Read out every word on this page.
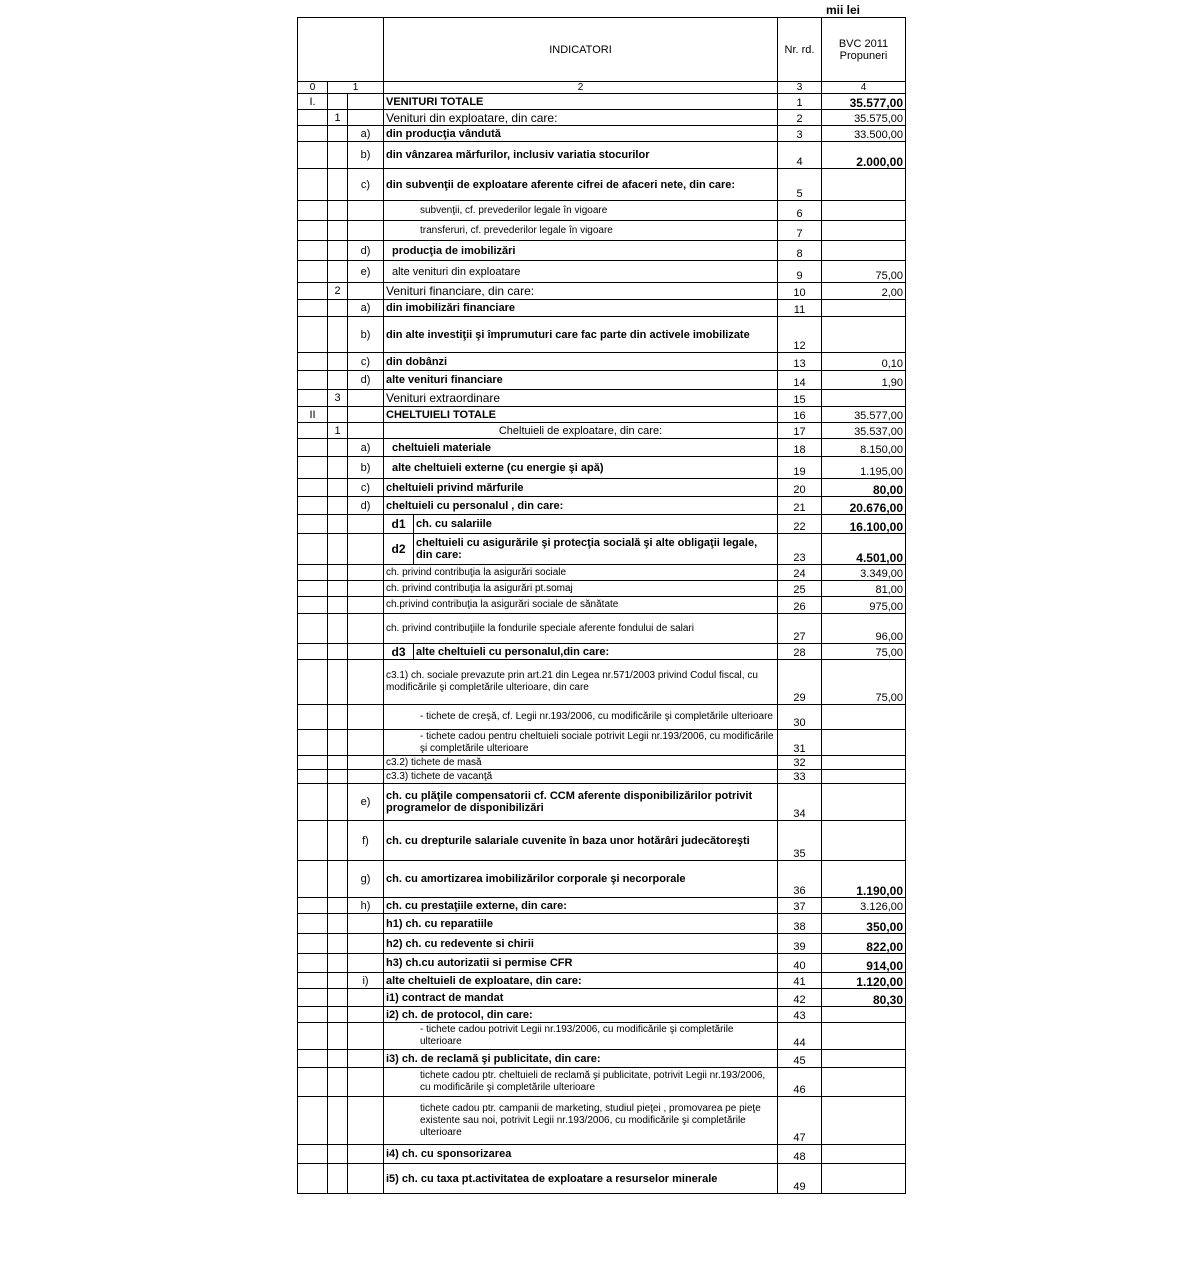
mii lei
			INDICATORI		Nr. rd.	BVC 2011
Propuneri

0	1		2		3	4
I.			VENITURI TOTALE		1	35.577,00
	1		Venituri din exploatare, din care:		2	35.575,00
		a)	din producţia vândută		3	33.500,00
		b)	din vânzarea mărfurilor, inclusiv variatia stocurilor		4	2.000,00
		c)	din subvenţii de exploatare aferente cifrei de afaceri nete, din care:		5	
			subvenţii, cf. prevederilor legale în vigoare		6	
			transferuri, cf. prevederilor legale în vigoare		7	
		d)	producţia de imobilizări		8	
		e)	alte venituri din exploatare		9	75,00
	2		Venituri financiare, din care:		10	2,00
		a)	din imobilizări financiare		11	
		b)	din alte investiţii şi împrumuturi care fac parte din activele imobilizate		12	
		c)	din dobânzi		13	0,10
		d)	alte venituri financiare		14	1,90
	3		Venituri extraordinare		15	
II			CHELTUIELI TOTALE		16	35.577,00
	1		Cheltuieli de exploatare, din care:		17	35.537,00
		a)	cheltuieli materiale		18	8.150,00
		b)	alte cheltuieli externe (cu energie şi apă)		19	1.195,00
		c)	cheltuieli privind mărfurile		20	80,00
		d)	cheltuieli cu personalul , din care:		21	20.676,00
			d1	ch. cu salariile	22	16.100,00
			d2	cheltuieli cu asigurările şi protecţia socială şi alte obligaţii legale, din care:	23	4.501,00
			ch. privind contribuţia la asigurări sociale		24	3.349,00
			ch. privind contribuţia la asigurări pt.somaj		25	81,00
			ch.privind contribuţia la asigurări sociale de sănătate		26	975,00
			ch. privind contribuţiile la fondurile speciale aferente fondului de salari		27	96,00
			d3	alte cheltuieli cu personalul,din care:	28	75,00
			c3.1) ch. sociale prevazute prin art.21 din Legea nr.571/2003 privind Codul fiscal, cu modificările şi completările ulterioare, din care		29	75,00
			- tichete de creşă, cf. Legii nr.193/2006, cu modificările şi completările ulterioare		30	
			- tichete cadou pentru cheltuieli sociale potrivit Legii nr.193/2006, cu modificările şi completările ulterioare		31	
			c3.2) tichete de masă		32	
			c3.3) tichete de vacanţă		33	
		e)	ch. cu plăţile compensatorii cf. CCM aferente disponibilizărilor potrivit programelor de disponibilizări		34	
		f)	ch. cu drepturile salariale cuvenite în baza unor hotărâri judecătoreşti		35	
		g)	ch. cu amortizarea imobilizărilor corporale şi necorporale		36	1.190,00
		h)	ch. cu prestaţiile externe, din care:		37	3.126,00
			h1) ch. cu reparatiile		38	350,00
			h2) ch. cu redevente si chirii		39	822,00
			h3) ch.cu autorizatii si permise CFR		40	914,00
		i)	alte cheltuieli de exploatare, din care:		41	1.120,00
			i1) contract de mandat		42	80,30
			i2) ch. de protocol, din care:		43	
			- tichete cadou potrivit Legii nr.193/2006, cu modificările şi completările ulterioare		44	
			i3) ch. de reclamă şi publicitate, din care:		45	
			tichete cadou ptr. cheltuieli de reclamă şi publicitate, potrivit Legii nr.193/2006, cu modificările şi completările ulterioare		46	
			tichete cadou ptr. campanii de marketing, studiul pieţei , promovarea pe pieţe existente sau noi, potrivit Legii nr.193/2006, cu modificările şi completările ulterioare		47	
			i4) ch. cu sponsorizarea		48	
			i5) ch. cu taxa pt.activitatea de exploatare a resurselor minerale		49	
